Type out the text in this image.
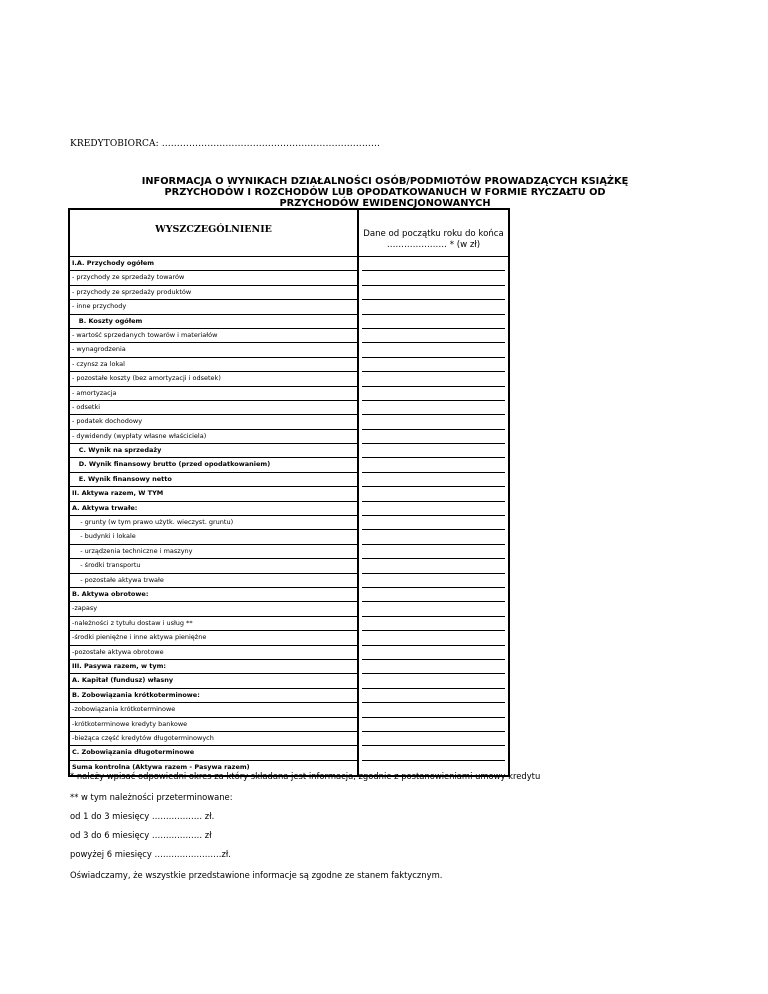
KREDYTOBIORCA: ………………………………………………………………
INFORMACJA O WYNIKACH DZIAŁALNOŚCI OSÓB/PODMIOTÓW PROWADZĄCYCH KSIĄŻKĘ
PRZYCHODÓW I ROZCHODÓW LUB OPODATKOWANUCH W FORMIE RYCZAŁTU OD
PRZYCHODÓW EWIDENCJONOWANYCH
WYSZCZEGÓLNIENIE	Dane od początku roku do końca
………………… * (w zł)
I.A. Przychody ogółem
- przychody ze sprzedaży towarów
- przychody ze sprzedaży produktów
- inne przychody
B. Koszty ogółem
- wartość sprzedanych towarów i materiałów
- wynagrodzenia
- czynsz za lokal
- pozostałe koszty (bez amortyzacji i odsetek)
- amortyzacja
- odsetki
- podatek dochodowy
- dywidendy (wypłaty własne właściciela)
C. Wynik na sprzedaży
D. Wynik finansowy brutto (przed opodatkowaniem)
E. Wynik finansowy netto
II. Aktywa razem, W TYM
A. Aktywa trwałe:
- grunty (w tym prawo użytk. wieczyst. gruntu)
- budynki i lokale
- urządzenia techniczne i maszyny
- środki transportu
- pozostałe aktywa trwałe
B. Aktywa obrotowe:
-zapasy
-należności z tytułu dostaw i usług **
-środki pieniężne i inne aktywa pieniężne
-pozostałe aktywa obrotowe
III. Pasywa razem, w tym:
A. Kapitał (fundusz) własny
B. Zobowiązania krótkoterminowe:
-zobowiązania krótkoterminowe
-krótkoterminowe kredyty bankowe
-bieżąca część kredytów długoterminowych
C. Zobowiązania długoterminowe
Suma kontrolna (Aktywa razem - Pasywa razem)

* należy wpisać odpowiedni okres za który składana jest informacja, zgodnie z postanowieniami umowy kredytu

** w tym należności przeterminowane:

od 1 do 3 miesięcy ……………… zł.

od 3 do 6 miesięcy ……………… zł

powyżej 6 miesięcy ……………………zł.

Oświadczamy, że wszystkie przedstawione informacje są zgodne ze stanem faktycznym.
